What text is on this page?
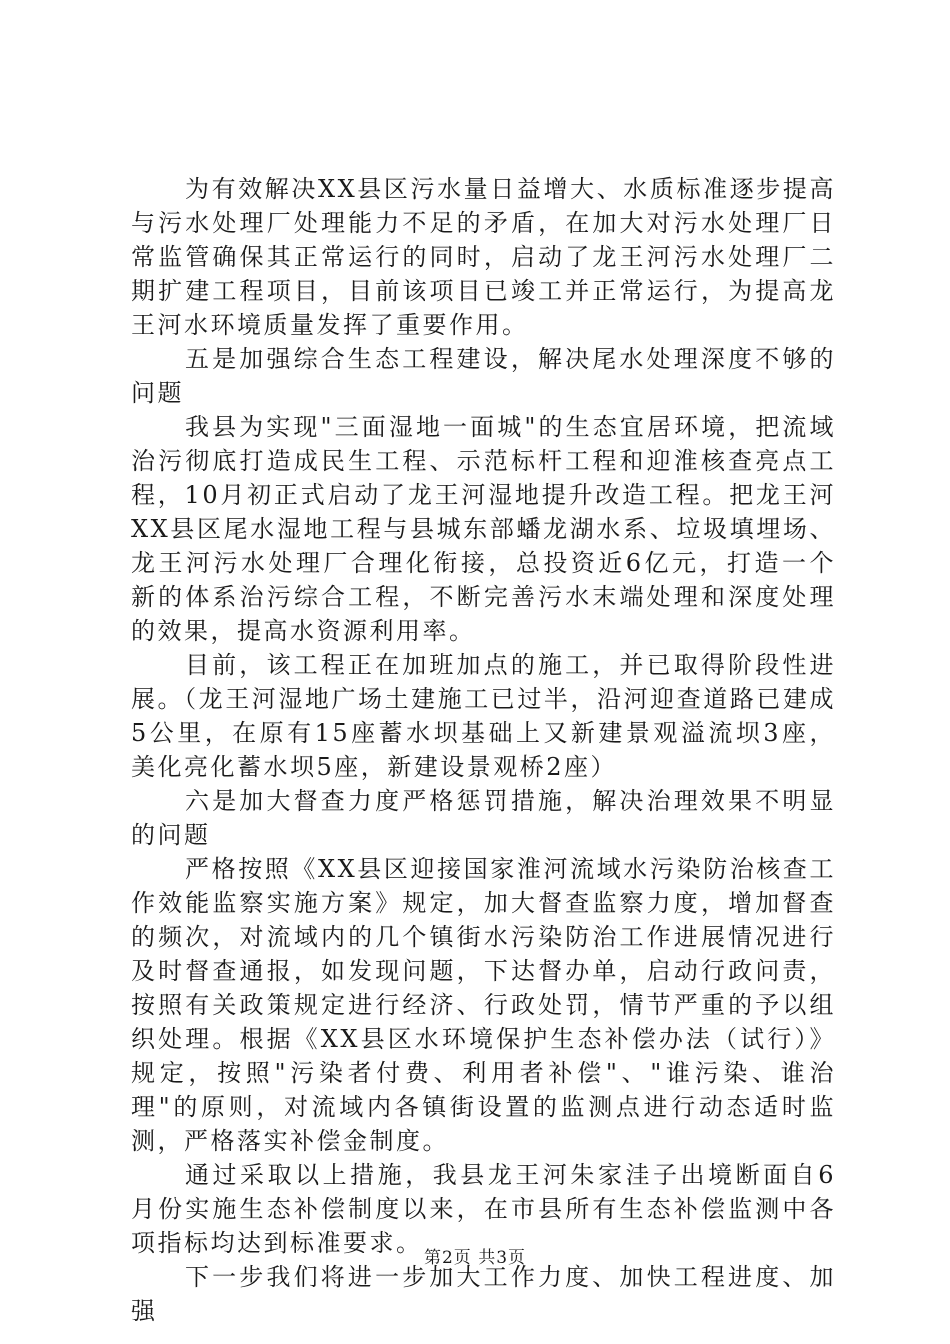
为有效解决XX县区污水量日益增大、水质标准逐步提高与污水处理厂处理能力不足的矛盾，在加大对污水处理厂日常监管确保其正常运行的同时，启动了龙王河污水处理厂二期扩建工程项目，目前该项目已竣工并正常运行，为提高龙王河水环境质量发挥了重要作用。

五是加强综合生态工程建设，解决尾水处理深度不够的问题

我县为实现"三面湿地一面城"的生态宜居环境，把流域治污彻底打造成民生工程、示范标杆工程和迎淮核查亮点工程，10月初正式启动了龙王河湿地提升改造工程。把龙王河XX县区尾水湿地工程与县城东部蟠龙湖水系、垃圾填埋场、龙王河污水处理厂合理化衔接，总投资近6亿元，打造一个新的体系治污综合工程，不断完善污水末端处理和深度处理的效果，提高水资源利用率。

目前，该工程正在加班加点的施工，并已取得阶段性进展。（龙王河湿地广场土建施工已过半，沿河迎查道路已建成5公里，在原有15座蓄水坝基础上又新建景观溢流坝3座，美化亮化蓄水坝5座，新建设景观桥2座）

六是加大督查力度严格惩罚措施，解决治理效果不明显的问题

严格按照《XX县区迎接国家淮河流域水污染防治核查工作效能监察实施方案》规定，加大督查监察力度，增加督查的频次，对流域内的几个镇街水污染防治工作进展情况进行及时督查通报，如发现问题，下达督办单，启动行政问责，按照有关政策规定进行经济、行政处罚，情节严重的予以组织处理。根据《XX县区水环境保护生态补偿办法（试行）》规定，按照"污染者付费、利用者补偿"、"谁污染、谁治理"的原则，对流域内各镇街设置的监测点进行动态适时监测，严格落实补偿金制度。

通过采取以上措施，我县龙王河朱家洼子出境断面自6月份实施生态补偿制度以来，在市县所有生态补偿监测中各项指标均达到标准要求。

下一步我们将进一步加大工作力度、加快工程进度、加强

第2页 共3页
